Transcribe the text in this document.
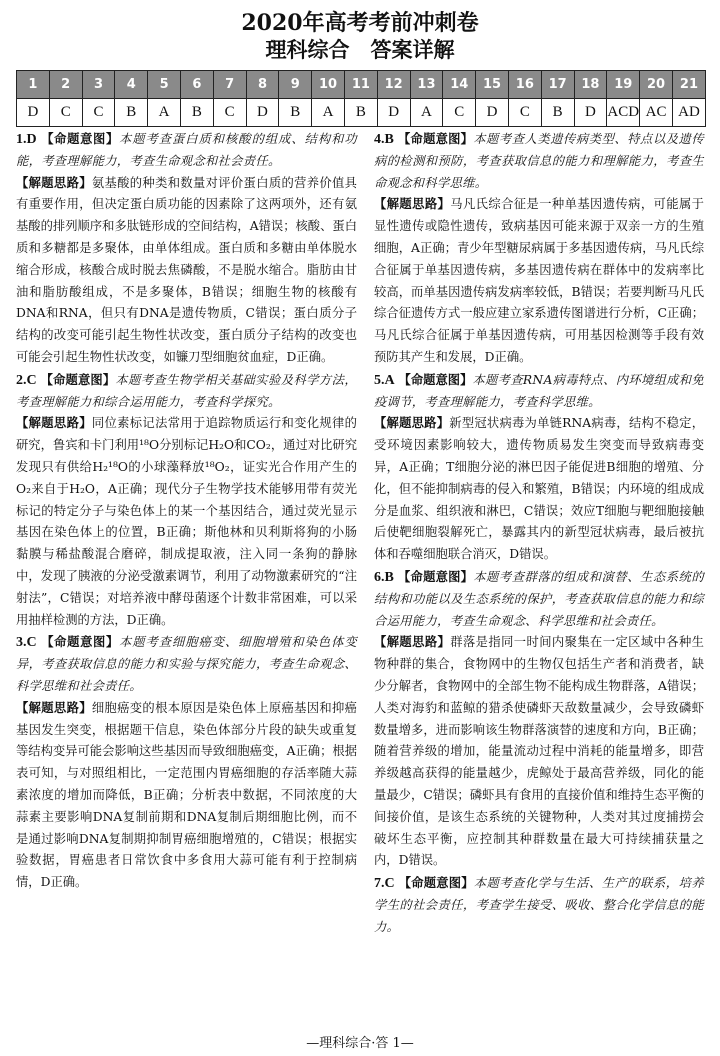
2020年高考考前冲刺卷
理科综合　答案详解
1	2	3	4	5	6	7	8	9	10	11	12	13	14	15	16	17	18	19	20	21
D	C	C	B	A	B	C	D	B	A	B	D	A	C	D	C	B	D	ACD	AC	AD
1.D 【命题意图】本题考查蛋白质和核酸的组成、结构和功能，考查理解能力，考查生命观念和社会责任。
【解题思路】氨基酸的种类和数量对评价蛋白质的营养价值具有重要作用，但决定蛋白质功能的因素除了这两项外，还有氨基酸的排列顺序和多肽链形成的空间结构，A错误；核酸、蛋白质和多糖都是多聚体，由单体组成。蛋白质和多糖由单体脱水缩合形成，核酸合成时脱去焦磷酸，不是脱水缩合。脂肪由甘油和脂肪酸组成，不是多聚体，B错误；细胞生物的核酸有DNA和RNA，但只有DNA是遗传物质，C错误；蛋白质分子结构的改变可能引起生物性状改变，蛋白质分子结构的改变也可能会引起生物性状改变，如镰刀型细胞贫血症，D正确。
2.C 【命题意图】本题考查生物学相关基础实验及科学方法，考查理解能力和综合运用能力，考查科学探究。
【解题思路】同位素标记法常用于追踪物质运行和变化规律的研究，鲁宾和卡门利用¹⁸O分别标记H₂O和CO₂，通过对比研究发现只有供给H₂¹⁸O的小球藻释放¹⁸O₂，证实光合作用产生的O₂来自于H₂O，A正确；现代分子生物学技术能够用带有荧光标记的特定分子与染色体上的某一个基因结合，通过荧光显示基因在染色体上的位置，B正确；斯他林和贝利斯将狗的小肠黏膜与稀盐酸混合磨碎，制成提取液，注入同一条狗的静脉中，发现了胰液的分泌受激素调节，利用了动物激素研究的“注射法”，C错误；对培养液中酵母菌逐个计数非常困难，可以采用抽样检测的方法，D正确。
3.C 【命题意图】本题考查细胞癌变、细胞增殖和染色体变异，考查获取信息的能力和实验与探究能力，考查生命观念、科学思维和社会责任。
【解题思路】细胞癌变的根本原因是染色体上原癌基因和抑癌基因发生突变，根据题干信息，染色体部分片段的缺失或重复等结构变异可能会影响这些基因而导致细胞癌变，A正确；根据表可知，与对照组相比，一定范围内胃癌细胞的存活率随大蒜素浓度的增加而降低，B正确；分析表中数据，不同浓度的大蒜素主要影响DNA复制前期和DNA复制后期细胞比例，而不是通过影响DNA复制期抑制胃癌细胞增殖的，C错误；根据实验数据，胃癌患者日常饮食中多食用大蒜可能有利于控制病情，D正确。
4.B 【命题意图】本题考查人类遗传病类型、特点以及遗传病的检测和预防，考查获取信息的能力和理解能力，考查生命观念和科学思维。
【解题思路】马凡氏综合征是一种单基因遗传病，可能属于显性遗传或隐性遗传，致病基因可能来源于双亲一方的生殖细胞，A正确；青少年型糖尿病属于多基因遗传病，马凡氏综合征属于单基因遗传病，多基因遗传病在群体中的发病率比较高，而单基因遗传病发病率较低，B错误；若要判断马凡氏综合征遗传方式一般应建立家系遗传图谱进行分析，C正确；马凡氏综合征属于单基因遗传病，可用基因检测等手段有效预防其产生和发展，D正确。
5.A 【命题意图】本题考查RNA病毒特点、内环境组成和免疫调节，考查理解能力，考查科学思维。
【解题思路】新型冠状病毒为单链RNA病毒，结构不稳定，受环境因素影响较大，遗传物质易发生突变而导致病毒变异，A正确；T细胞分泌的淋巴因子能促进B细胞的增殖、分化，但不能抑制病毒的侵入和繁殖，B错误；内环境的组成成分是血浆、组织液和淋巴，C错误；效应T细胞与靶细胞接触后使靶细胞裂解死亡，暴露其内的新型冠状病毒，最后被抗体和吞噬细胞联合消灭，D错误。
6.B 【命题意图】本题考查群落的组成和演替、生态系统的结构和功能以及生态系统的保护，考查获取信息的能力和综合运用能力，考查生命观念、科学思维和社会责任。
【解题思路】群落是指同一时间内聚集在一定区域中各种生物种群的集合，食物网中的生物仅包括生产者和消费者，缺少分解者，食物网中的全部生物不能构成生物群落，A错误；人类对海豹和蓝鲸的猎杀使磷虾天敌数量减少，会导致磷虾数量增多，进而影响该生物群落演替的速度和方向，B正确；随着营养级的增加，能量流动过程中消耗的能量增多，即营养级越高获得的能量越少，虎鲸处于最高营养级，同化的能量最少，C错误；磷虾具有食用的直接价值和维持生态平衡的间接价值，是该生态系统的关键物种，人类对其过度捕捞会破坏生态平衡，应控制其种群数量在最大可持续捕获量之内，D错误。
7.C 【命题意图】本题考查化学与生活、生产的联系，培养学生的社会责任，考查学生接受、吸收、整合化学信息的能力。
—理科综合·答 1—
